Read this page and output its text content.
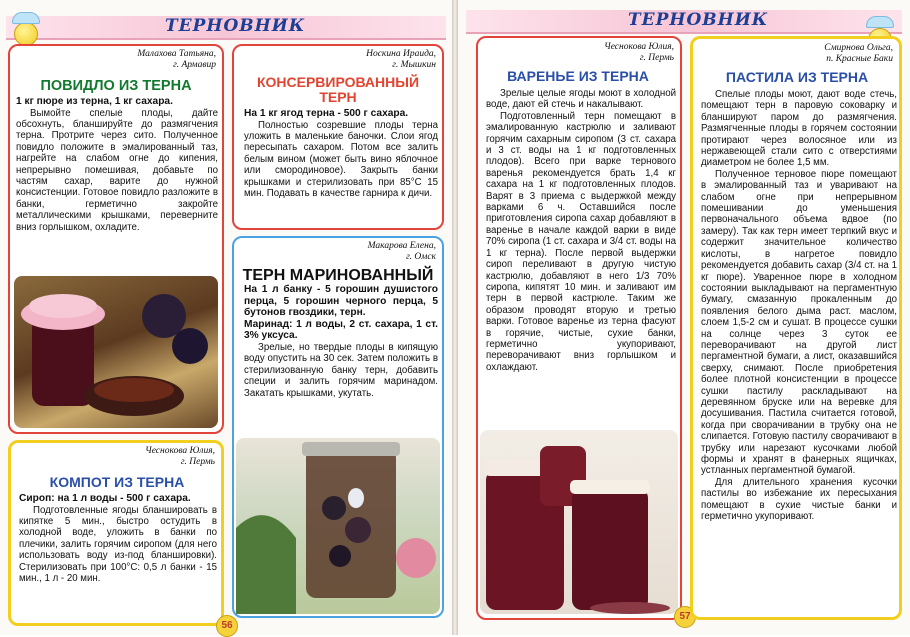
ТЕРНОВНИК
Малахова Татьяна,
г. Армавир
ПОВИДЛО ИЗ ТЕРНА
1 кг пюре из терна, 1 кг сахара.
Вымойте спелые плоды, дайте обсохнуть, бланшируйте до размягчения терна. Протрите через сито. Полученное повидло положите в эмалированный таз, нагрейте на слабом огне до кипения, непрерывно помешивая, добавьте по частям сахар, варите до нужной консистенции. Готовое повидло разложите в банки, герметично закройте металлическими крышками, переверните вниз горлышком, охладите.
Чеснокова Юлия,
г. Пермь
КОМПОТ ИЗ ТЕРНА
Сироп: на 1 л воды - 500 г сахара.
Подготовленные ягоды бланшировать в кипятке 5 мин., быстро остудить в холодной воде, уложить в банки по плечики, залить горячим сиропом (для него использовать воду из-под бланшировки). Стерилизовать при 100°С: 0,5 л банки - 15 мин., 1 л - 20 мин.
Носкина Ираида,
г. Мышкин
КОНСЕРВИРОВАННЫЙ ТЕРН
На 1 кг ягод терна - 500 г сахара.
Полностью созревшие плоды терна уложить в маленькие баночки. Слои ягод пересыпать сахаром. Потом все залить белым вином (может быть вино яблочное или смородиновое). Закрыть банки крышками и стерилизовать при 85°С 15 мин. Подавать в качестве гарнира к дичи.
Макарова Елена,
г. Омск
ТЕРН МАРИНОВАННЫЙ
На 1 л банку - 5 горошин душистого перца, 5 горошин черного перца, 5 бутонов гвоздики, терн.
Маринад: 1 л воды, 2 ст. сахара, 1 ст. 3% уксуса.
Зрелые, но твердые плоды в кипящую воду опустить на 30 сек. Затем положить в стерилизованную банку терн, добавить специи и залить горячим маринадом. Закатать крышками, укутать.
56
ТЕРНОВНИК
Чеснокова Юлия,
г. Пермь
ВАРЕНЬЕ ИЗ ТЕРНА
Зрелые целые ягоды моют в холодной воде, дают ей стечь и накалывают.
Подготовленный терн помещают в эмалированную кастрюлю и заливают горячим сахарным сиропом (3 ст. сахара и 3 ст. воды на 1 кг подготовленных плодов). Всего при варке тернового варенья рекомендуется брать 1,4 кг сахара на 1 кг подготовленных плодов. Варят в 3 приема с выдержкой между варками 6 ч. Оставшийся после приготовления сиропа сахар добавляют в варенье в начале каждой варки в виде 70% сиропа (1 ст. сахара и 3/4 ст. воды на 1 кг терна). После первой выдержки сироп переливают в другую чистую кастрюлю, добавляют в него 1/3 70% сиропа, кипятят 10 мин. и заливают им терн в первой кастрюле. Таким же образом проводят вторую и третью варки. Готовое варенье из терна фасуют в горячие, чистые, сухие банки, герметично укупоривают, переворачивают вниз горлышком и охлаждают.
57
Смирнова Ольга,
п. Красные Баки
ПАСТИЛА ИЗ ТЕРНА
Спелые плоды моют, дают воде стечь, помещают терн в паровую соковарку и бланшируют паром до размягчения. Размягченные плоды в горячем состоянии протирают через волосяное или из нержавеющей стали сито с отверстиями диаметром не более 1,5 мм.
Полученное терновое пюре помещают в эмалированный таз и уваривают на слабом огне при непрерывном помешивании до уменьшения первоначального объема вдвое (по замеру). Так как терн имеет терпкий вкус и содержит значительное количество кислоты, в нагретое повидло рекомендуется добавить сахар (3/4 ст. на 1 кг пюре). Уваренное пюре в холодном состоянии выкладывают на пергаментную бумагу, смазанную прокаленным до появления белого дыма раст. маслом, слоем 1,5-2 см и сушат. В процессе сушки на солнце через 3 суток ее переворачивают на другой лист пергаментной бумаги, а лист, оказавшийся сверху, снимают. После приобретения более плотной консистенции в процессе сушки пастилу раскладывают на деревянном бруске или на веревке для досушивания. Пастила считается готовой, когда при сворачивании в трубку она не слипается. Готовую пастилу сворачивают в трубку или нарезают кусочками любой формы и хранят в фанерных ящичках, устланных пергаментной бумагой.
Для длительного хранения кусочки пастилы во избежание их пересыхания помещают в сухие чистые банки и герметично укупоривают.
